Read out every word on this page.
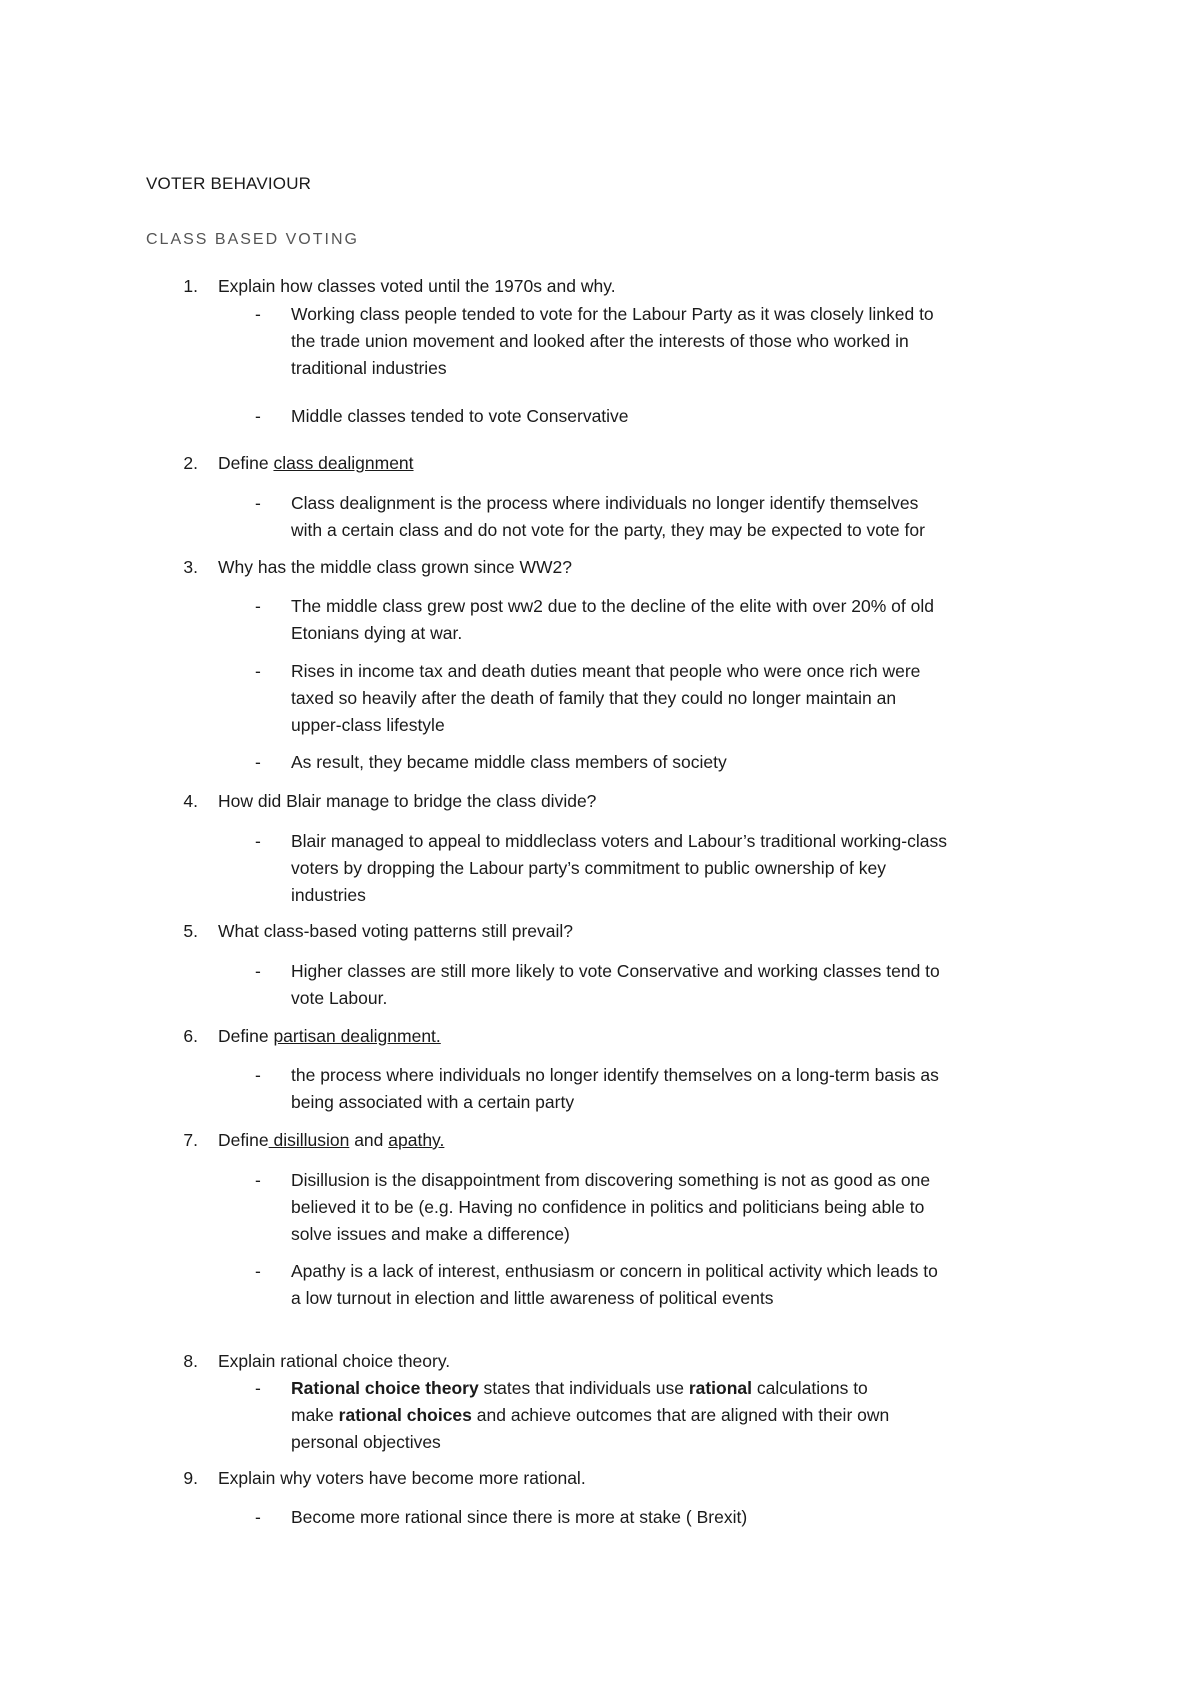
VOTER BEHAVIOUR
CLASS BASED VOTING
1. Explain how classes voted until the 1970s and why.
- Working class people tended to vote for the Labour Party as it was closely linked to
the trade union movement and looked after the interests of those who worked in
traditional industries
- Middle classes tended to vote Conservative
2. Define class dealignment
- Class dealignment is the process where individuals no longer identify themselves
with a certain class and do not vote for the party, they may be expected to vote for
3. Why has the middle class grown since WW2?
- The middle class grew post ww2 due to the decline of the elite with over 20% of old
Etonians dying at war.
- Rises in income tax and death duties meant that people who were once rich were
taxed so heavily after the death of family that they could no longer maintain an
upper-class lifestyle
- As result, they became middle class members of society
4. How did Blair manage to bridge the class divide?
- Blair managed to appeal to middleclass voters and Labour’s traditional working-class
voters by dropping the Labour party’s commitment to public ownership of key
industries
5. What class-based voting patterns still prevail?
- Higher classes are still more likely to vote Conservative and working classes tend to
vote Labour.
6. Define partisan dealignment.
- the process where individuals no longer identify themselves on a long-term basis as
being associated with a certain party
7. Define disillusion and apathy.
- Disillusion is the disappointment from discovering something is not as good as one
believed it to be (e.g. Having no confidence in politics and politicians being able to
solve issues and make a difference)
- Apathy is a lack of interest, enthusiasm or concern in political activity which leads to
a low turnout in election and little awareness of political events
8. Explain rational choice theory.
- Rational choice theory states that individuals use rational calculations to
make rational choices and achieve outcomes that are aligned with their own
personal objectives
9. Explain why voters have become more rational.
- Become more rational since there is more at stake ( Brexit)
